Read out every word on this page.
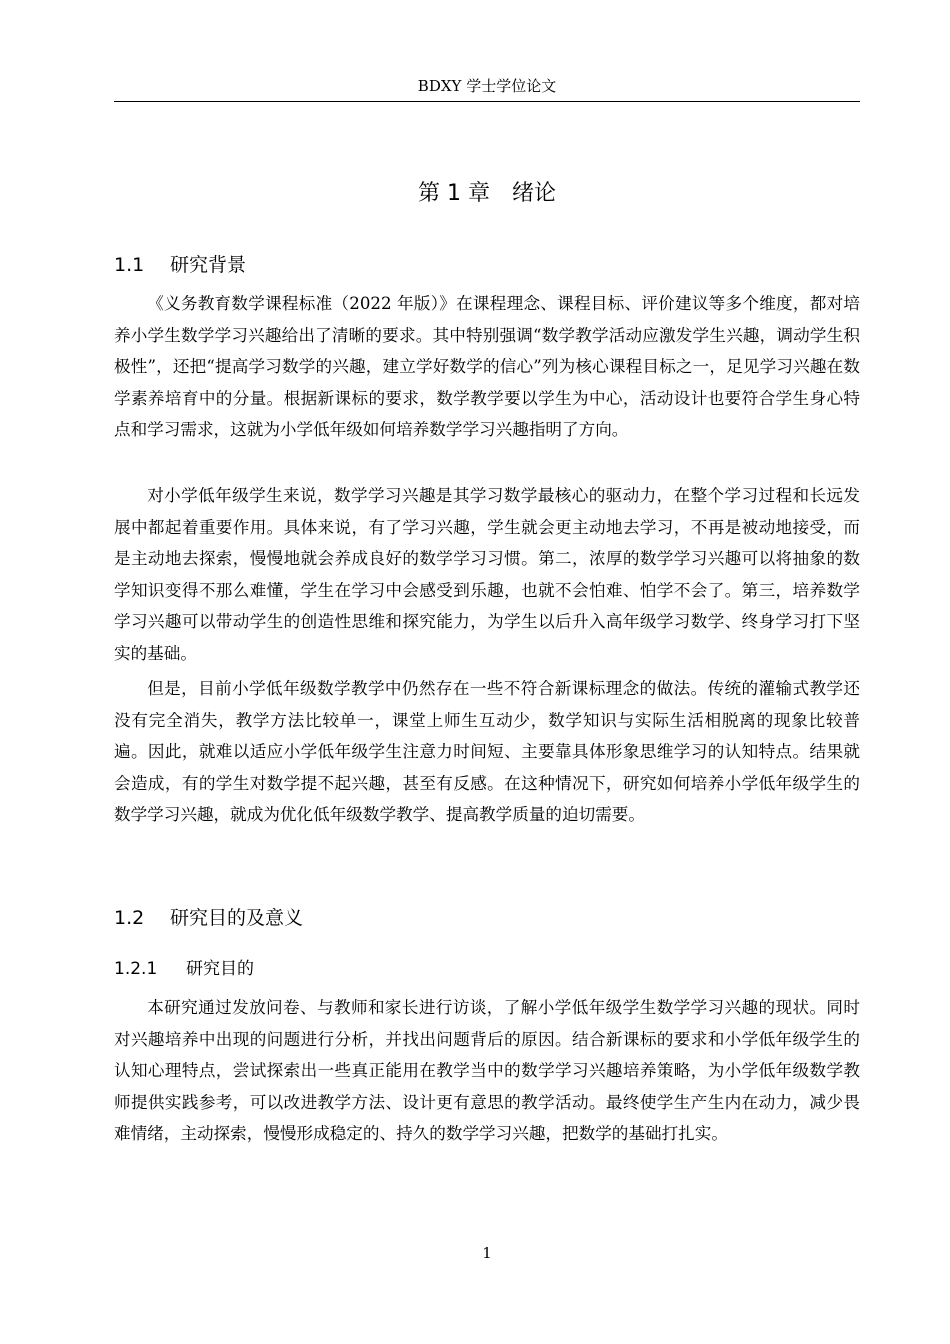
BDXY 学士学位论文
第 1 章　绪论
1.1 研究背景

《义务教育数学课程标准（2022 年版）》在课程理念、课程目标、评价建议等多个维度，都对培养小学生数学学习兴趣给出了清晰的要求。其中特别强调“数学教学活动应激发学生兴趣，调动学生积极性”，还把“提高学习数学的兴趣，建立学好数学的信心”列为核心课程目标之一，足见学习兴趣在数学素养培育中的分量。根据新课标的要求，数学教学要以学生为中心，活动设计也要符合学生身心特点和学习需求，这就为小学低年级如何培养数学学习兴趣指明了方向。

对小学低年级学生来说，数学学习兴趣是其学习数学最核心的驱动力，在整个学习过程和长远发展中都起着重要作用。具体来说，有了学习兴趣，学生就会更主动地去学习，不再是被动地接受，而是主动地去探索，慢慢地就会养成良好的数学学习习惯。第二，浓厚的数学学习兴趣可以将抽象的数学知识变得不那么难懂，学生在学习中会感受到乐趣，也就不会怕难、怕学不会了。第三，培养数学学习兴趣可以带动学生的创造性思维和探究能力，为学生以后升入高年级学习数学、终身学习打下坚实的基础。

但是，目前小学低年级数学教学中仍然存在一些不符合新课标理念的做法。传统的灌输式教学还没有完全消失，教学方法比较单一，课堂上师生互动少，数学知识与实际生活相脱离的现象比较普遍。因此，就难以适应小学低年级学生注意力时间短、主要靠具体形象思维学习的认知特点。结果就会造成，有的学生对数学提不起兴趣，甚至有反感。在这种情况下，研究如何培养小学低年级学生的数学学习兴趣，就成为优化低年级数学教学、提高教学质量的迫切需要。

1.2 研究目的及意义
1.2.1 研究目的

本研究通过发放问卷、与教师和家长进行访谈，了解小学低年级学生数学学习兴趣的现状。同时对兴趣培养中出现的问题进行分析，并找出问题背后的原因。结合新课标的要求和小学低年级学生的认知心理特点，尝试探索出一些真正能用在教学当中的数学学习兴趣培养策略，为小学低年级数学教师提供实践参考，可以改进教学方法、设计更有意思的教学活动。最终使学生产生内在动力，减少畏难情绪，主动探索，慢慢形成稳定的、持久的数学学习兴趣，把数学的基础打扎实。

1
